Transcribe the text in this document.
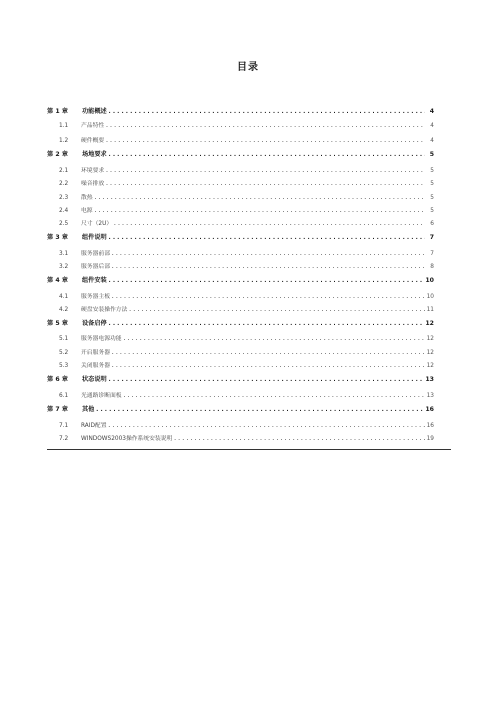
目录
第 1 章	功能概述 .....	4
1.1	产品特性 .....	4
1.2	硬件概要 .....	4
第 2 章	场地要求 .....	5
2.1	环境要求 .....	5
2.2	噪音排放 .....	5
2.3	散热 .....	5
2.4	电源 .....	5
2.5	尺寸（2U） .....	6
第 3 章	组件说明 .....	7
3.1	服务器前部 .....	7
3.2	服务器后部 .....	8
第 4 章	组件安装 .....	10
4.1	服务器主板 .....	10
4.2	硬盘安装操作方法 .....	11
第 5 章	设备启停 .....	12
5.1	服务器电源功能 .....	12
5.2	开启服务器 .....	12
5.3	关闭服务器 .....	12
第 6 章	状态说明 .....	13
6.1	光通路诊断面板 .....	13
第 7 章	其他 .....	16
7.1	RAID配置 .....	16
7.2	WINDOWS2003操作系统安装说明 .....	19
